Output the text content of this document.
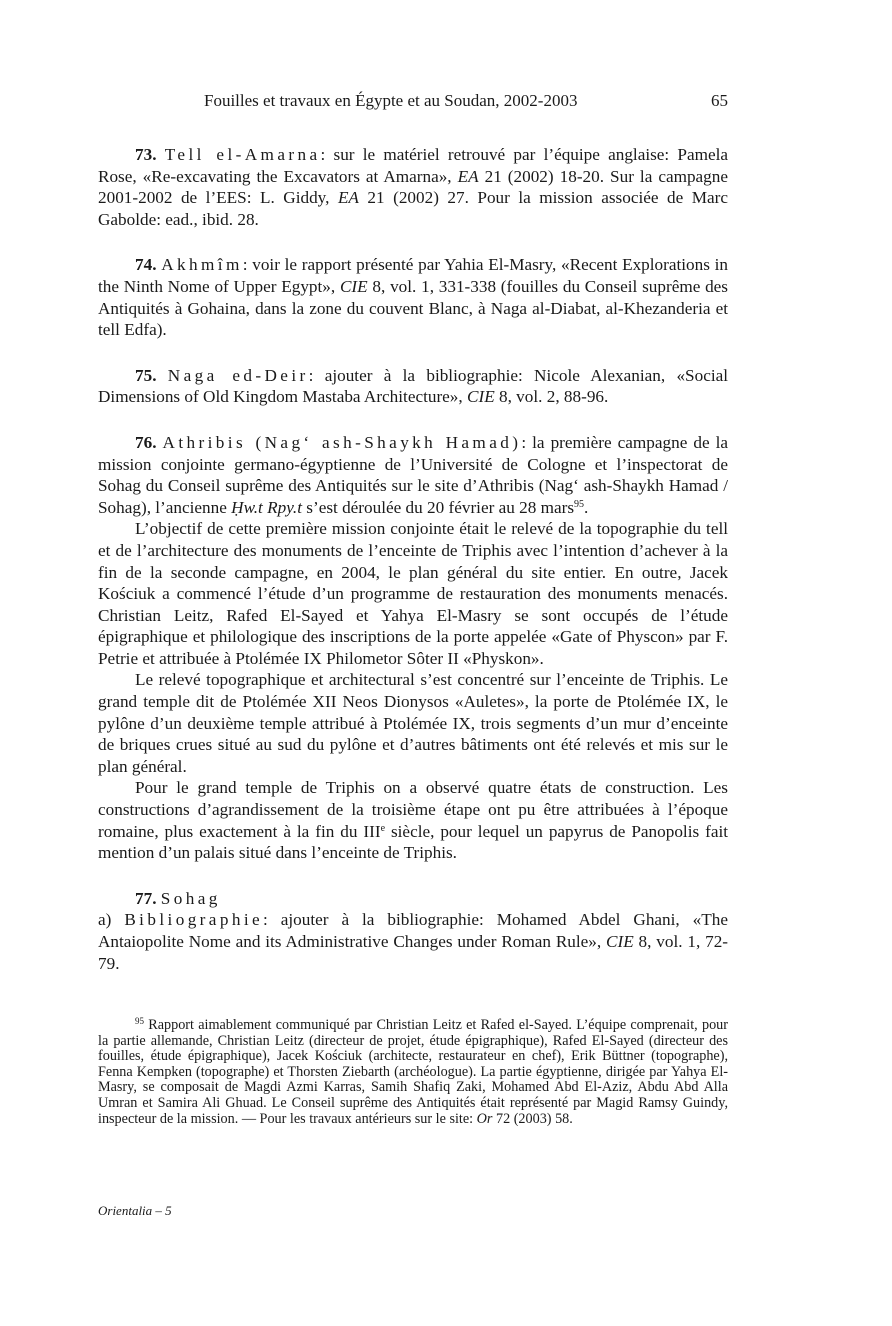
Fouilles et travaux en Égypte et au Soudan, 2002-2003	65

73. Tell el-Amarna: sur le matériel retrouvé par l’équipe anglaise: Pamela Rose, «Re-excavating the Excavators at Amarna», EA 21 (2002) 18-20. Sur la campagne 2001-2002 de l’EES: L. Giddy, EA 21 (2002) 27. Pour la mission associée de Marc Gabolde: ead., ibid. 28.

74. Akhmîm: voir le rapport présenté par Yahia El-Masry, «Recent Explorations in the Ninth Nome of Upper Egypt», CIE 8, vol. 1, 331-338 (fouilles du Conseil suprême des Antiquités à Gohaina, dans la zone du couvent Blanc, à Naga al-Diabat, al-Khezanderia et tell Edfa).

75. Naga ed-Deir: ajouter à la bibliographie: Nicole Alexanian, «Social Dimensions of Old Kingdom Mastaba Architecture», CIE 8, vol. 2, 88-96.

76. Athribis (Nag‘ ash-Shaykh Hamad): la première campagne de la mission conjointe germano-égyptienne de l’Université de Cologne et l’inspectorat de Sohag du Conseil suprême des Antiquités sur le site d’Athribis (Nag‘ ash-Shaykh Hamad / Sohag), l’ancienne Ḥw.t Rpy.t s’est déroulée du 20 février au 28 mars$^{95}$.

L’objectif de cette première mission conjointe était le relevé de la topographie du tell et de l’architecture des monuments de l’enceinte de Triphis avec l’intention d’achever à la fin de la seconde campagne, en 2004, le plan général du site entier. En outre, Jacek Kościuk a commencé l’étude d’un programme de restauration des monuments menacés. Christian Leitz, Rafed El-Sayed et Yahya El-Masry se sont occupés de l’étude épigraphique et philologique des inscriptions de la porte appelée «Gate of Physcon» par F. Petrie et attribuée à Ptolémée IX Philometor Sôter II «Physkon».

Le relevé topographique et architectural s’est concentré sur l’enceinte de Triphis. Le grand temple dit de Ptolémée XII Neos Dionysos «Auletes», la porte de Ptolémée IX, le pylône d’un deuxième temple attribué à Ptolémée IX, trois segments d’un mur d’enceinte de briques crues situé au sud du pylône et d’autres bâtiments ont été relevés et mis sur le plan général.

Pour le grand temple de Triphis on a observé quatre états de construction. Les constructions d’agrandissement de la troisième étape ont pu être attribuées à l’époque romaine, plus exactement à la fin du IIIe siècle, pour lequel un papyrus de Panopolis fait mention d’un palais situé dans l’enceinte de Triphis.

77. Sohag

a) Bibliographie: ajouter à la bibliographie: Mohamed Abdel Ghani, «The Antaiopolite Nome and its Administrative Changes under Roman Rule», CIE 8, vol. 1, 72-79.

$^{95}$ Rapport aimablement communiqué par Christian Leitz et Rafed el-Sayed. L’équipe comprenait, pour la partie allemande, Christian Leitz (directeur de projet, étude épigraphique), Rafed El-Sayed (directeur des fouilles, étude épigraphique), Jacek Kościuk (architecte, restaurateur en chef), Erik Büttner (topographe), Fenna Kempken (topographe) et Thorsten Ziebarth (archéologue). La partie égyptienne, dirigée par Yahya El-Masry, se composait de Magdi Azmi Karras, Samih Shafiq Zaki, Mohamed Abd El-Aziz, Abdu Abd Alla Umran et Samira Ali Ghuad. Le Conseil suprême des Antiquités était représenté par Magid Ramsy Guindy, inspecteur de la mission. — Pour les travaux antérieurs sur le site: Or 72 (2003) 58.
Orientalia – 5
